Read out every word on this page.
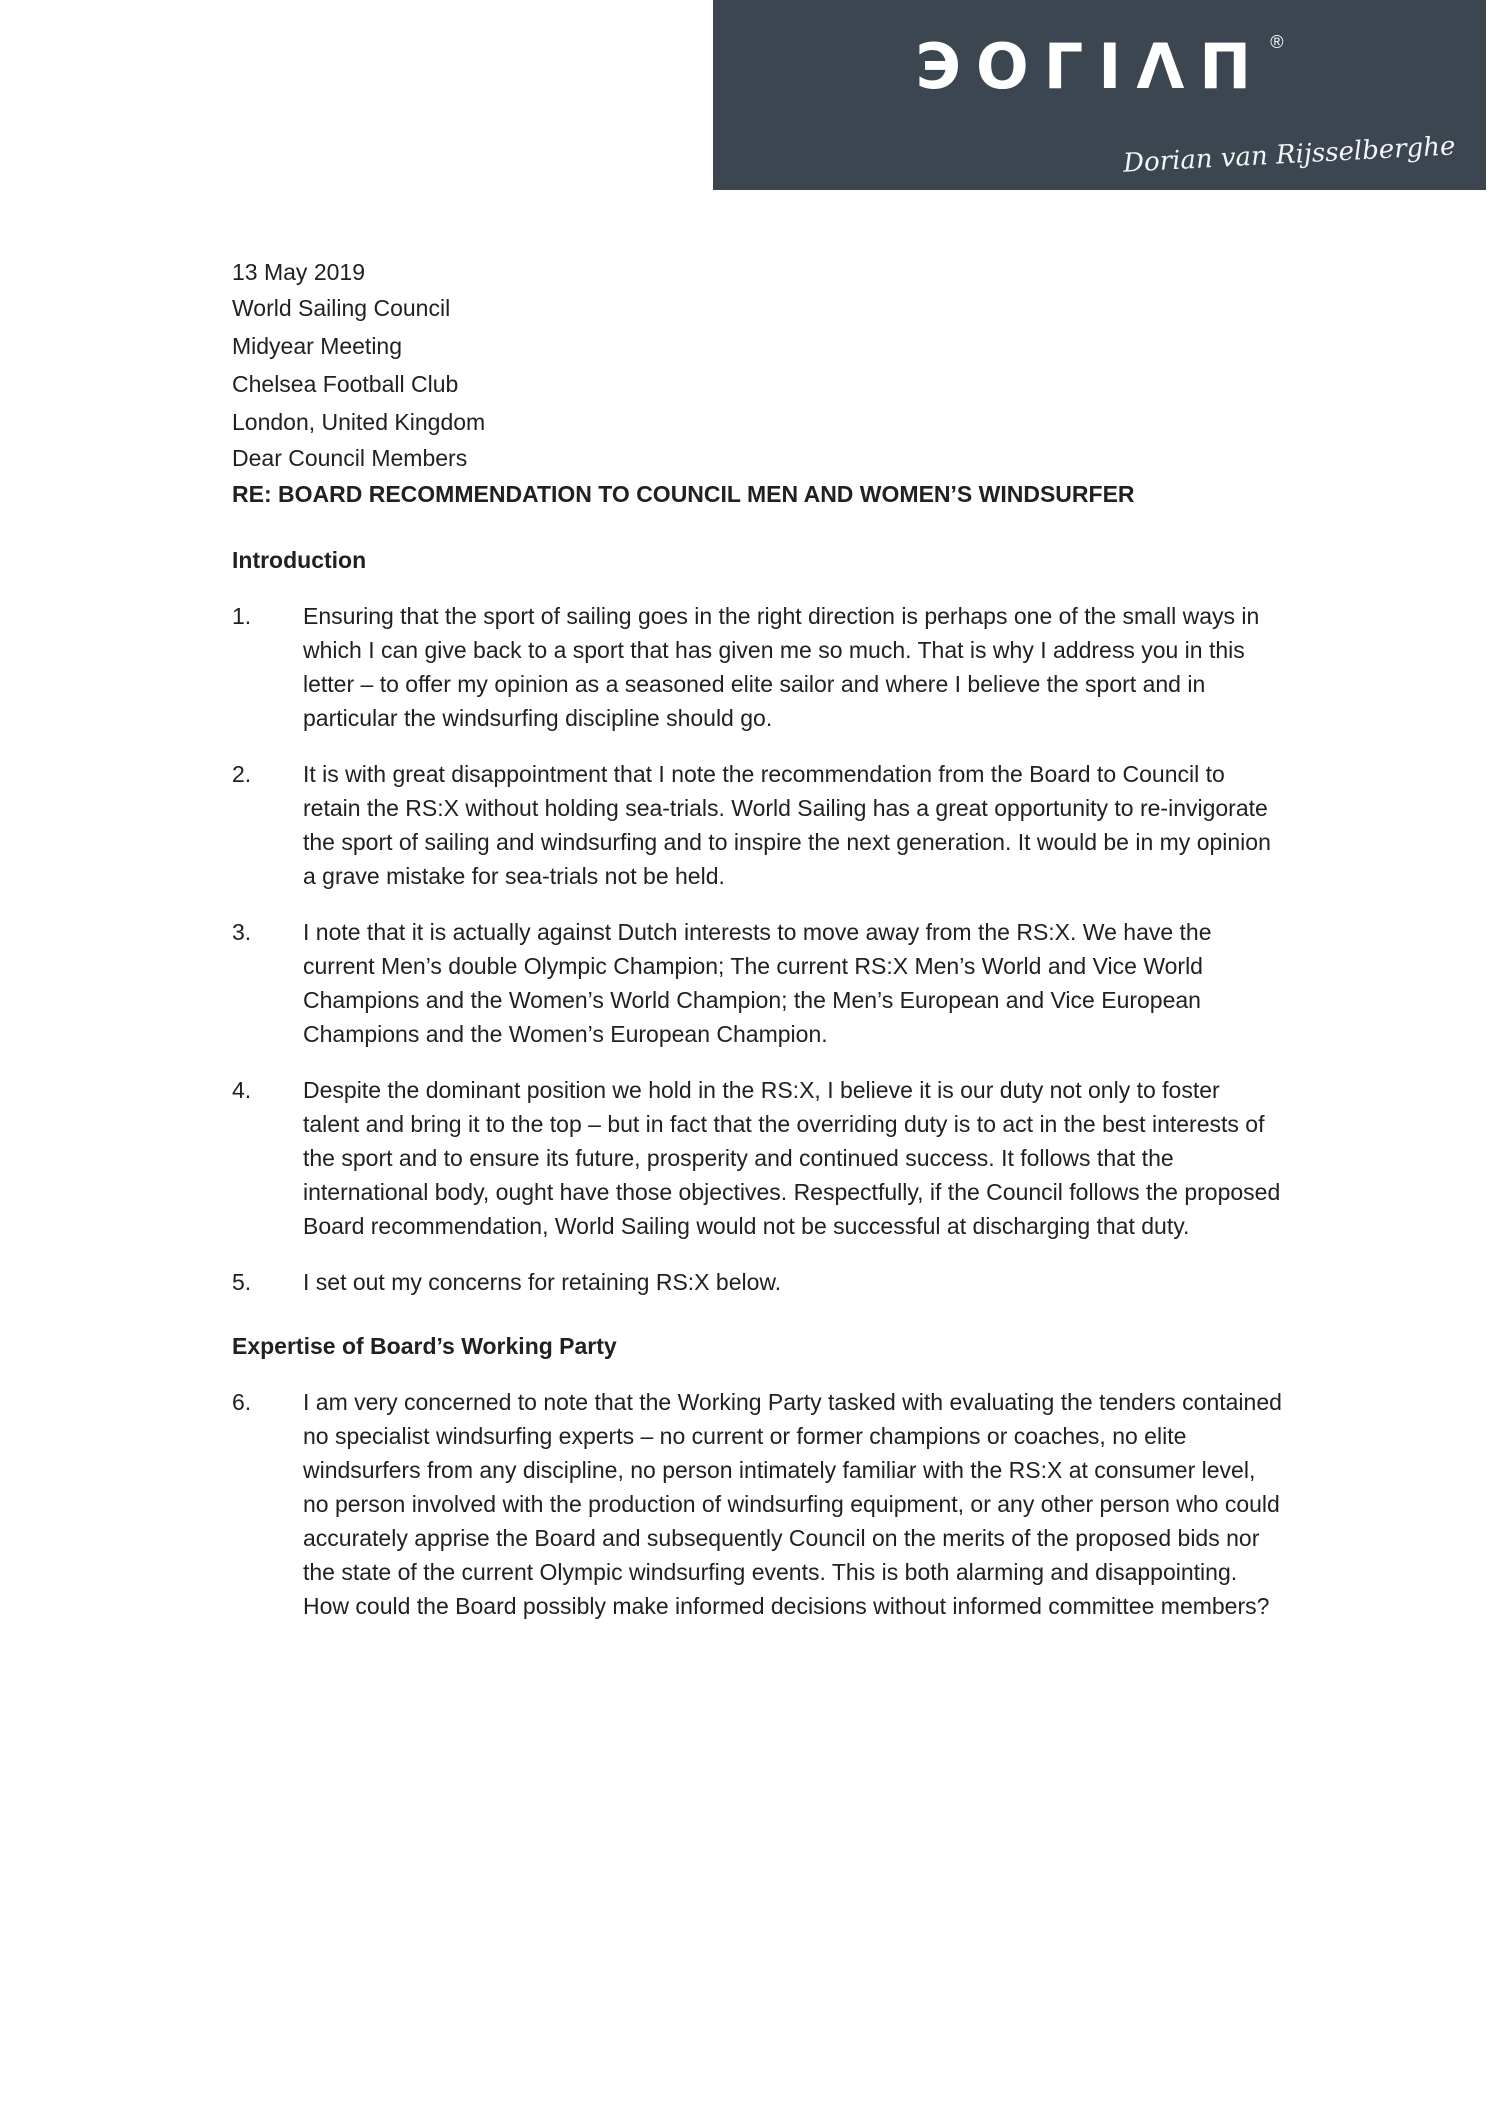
ЭOΓIΛΠ ®
Dorian van Rijsselberghe

13 May 2019

World Sailing Council

Midyear Meeting

Chelsea Football Club

London, United Kingdom

Dear Council Members

RE: BOARD RECOMMENDATION TO COUNCIL MEN AND WOMEN’S WINDSURFER

Introduction
1.	Ensuring that the sport of sailing goes in the right direction is perhaps one of the small ways in which I can give back to a sport that has given me so much. That is why I address you in this letter – to offer my opinion as a seasoned elite sailor and where I believe the sport and in particular the windsurfing discipline should go.
2.	It is with great disappointment that I note the recommendation from the Board to Council to retain the RS:X without holding sea-trials. World Sailing has a great opportunity to re-invigorate the sport of sailing and windsurfing and to inspire the next generation. It would be in my opinion a grave mistake for sea-trials not be held.
3.	I note that it is actually against Dutch interests to move away from the RS:X. We have the current Men’s double Olympic Champion; The current RS:X Men’s World and Vice World Champions and the Women’s World Champion; the Men’s European and Vice European Champions and the Women’s European Champion.
4.	Despite the dominant position we hold in the RS:X, I believe it is our duty not only to foster talent and bring it to the top – but in fact that the overriding duty is to act in the best interests of the sport and to ensure its future, prosperity and continued success. It follows that the international body, ought have those objectives. Respectfully, if the Council follows the proposed Board recommendation, World Sailing would not be successful at discharging that duty.
5.	I set out my concerns for retaining RS:X below.
Expertise of Board’s Working Party
6.	I am very concerned to note that the Working Party tasked with evaluating the tenders contained no specialist windsurfing experts – no current or former champions or coaches, no elite windsurfers from any discipline, no person intimately familiar with the RS:X at consumer level, no person involved with the production of windsurfing equipment, or any other person who could accurately apprise the Board and subsequently Council on the merits of the proposed bids nor the state of the current Olympic windsurfing events. This is both alarming and disappointing. How could the Board possibly make informed decisions without informed committee members?
